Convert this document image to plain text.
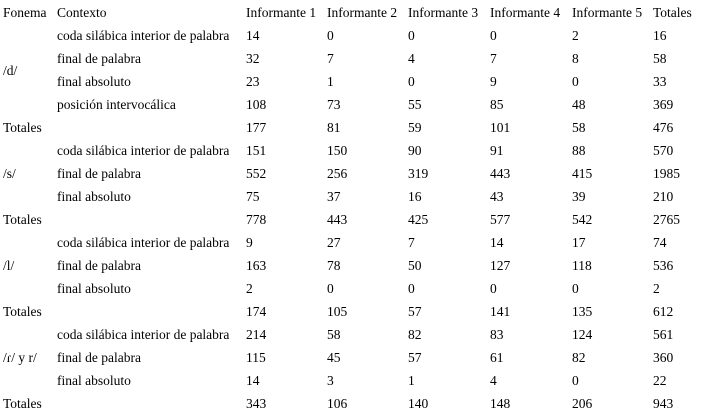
Fonema	Contexto	Informante 1	Informante 2	Informante 3	Informante 4	Informante 5	Totales
/d/	coda silábica interior de palabra	14	0	0	0	2	16
	final de palabra	32	7	4	7	8	58
	final absoluto	23	1	0	9	0	33
	posición intervocálica	108	73	55	85	48	369
Totales		177	81	59	101	58	476
/s/	coda silábica interior de palabra	151	150	90	91	88	570
	final de palabra	552	256	319	443	415	1985
	final absoluto	75	37	16	43	39	210
Totales		778	443	425	577	542	2765
/l/	coda silábica interior de palabra	9	27	7	14	17	74
	final de palabra	163	78	50	127	118	536
	final absoluto	2	0	0	0	0	2
Totales		174	105	57	141	135	612
/ɾ/ y r/	coda silábica interior de palabra	214	58	82	83	124	561
	final de palabra	115	45	57	61	82	360
	final absoluto	14	3	1	4	0	22
Totales		343	106	140	148	206	943
